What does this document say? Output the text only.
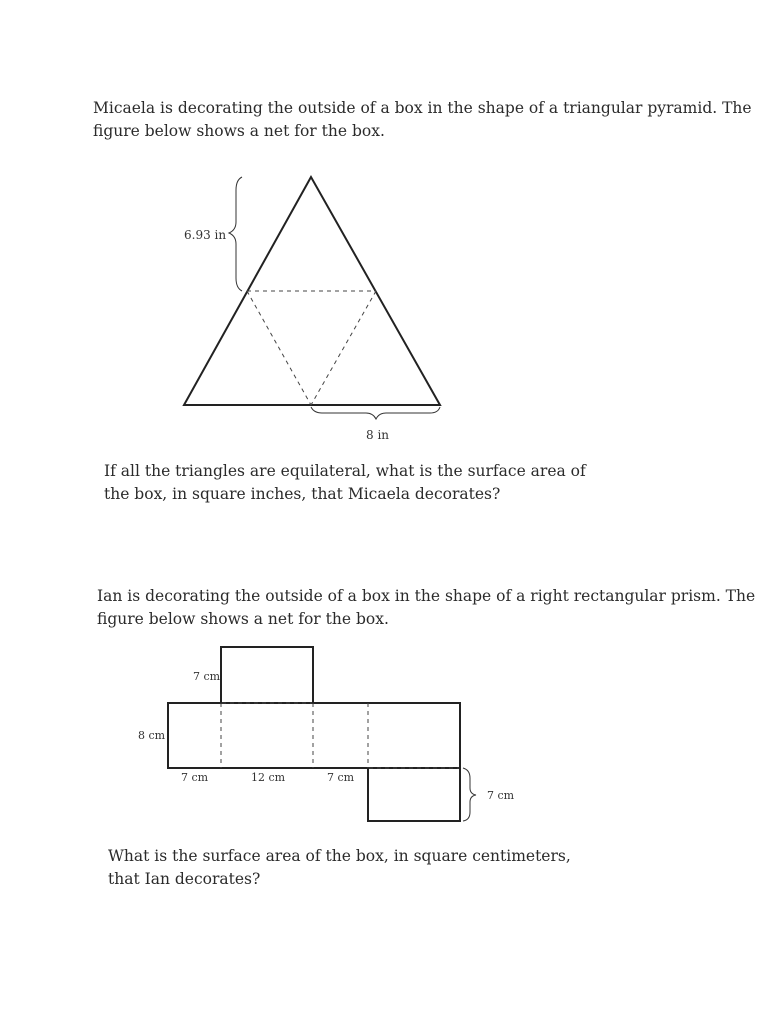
Micaela is decorating the outside of a box in the shape of a triangular pyramid. The
figure below shows a net for the box.

6.93 in
8 in

If all the triangles are equilateral, what is the surface area of
the box, in square inches, that Micaela decorates?

Ian is decorating the outside of a box in the shape of a right rectangular prism. The
figure below shows a net for the box.

7 cm
8 cm
7 cm	12 cm	7 cm
7 cm

What is the surface area of the box, in square centimeters,
that Ian decorates?
